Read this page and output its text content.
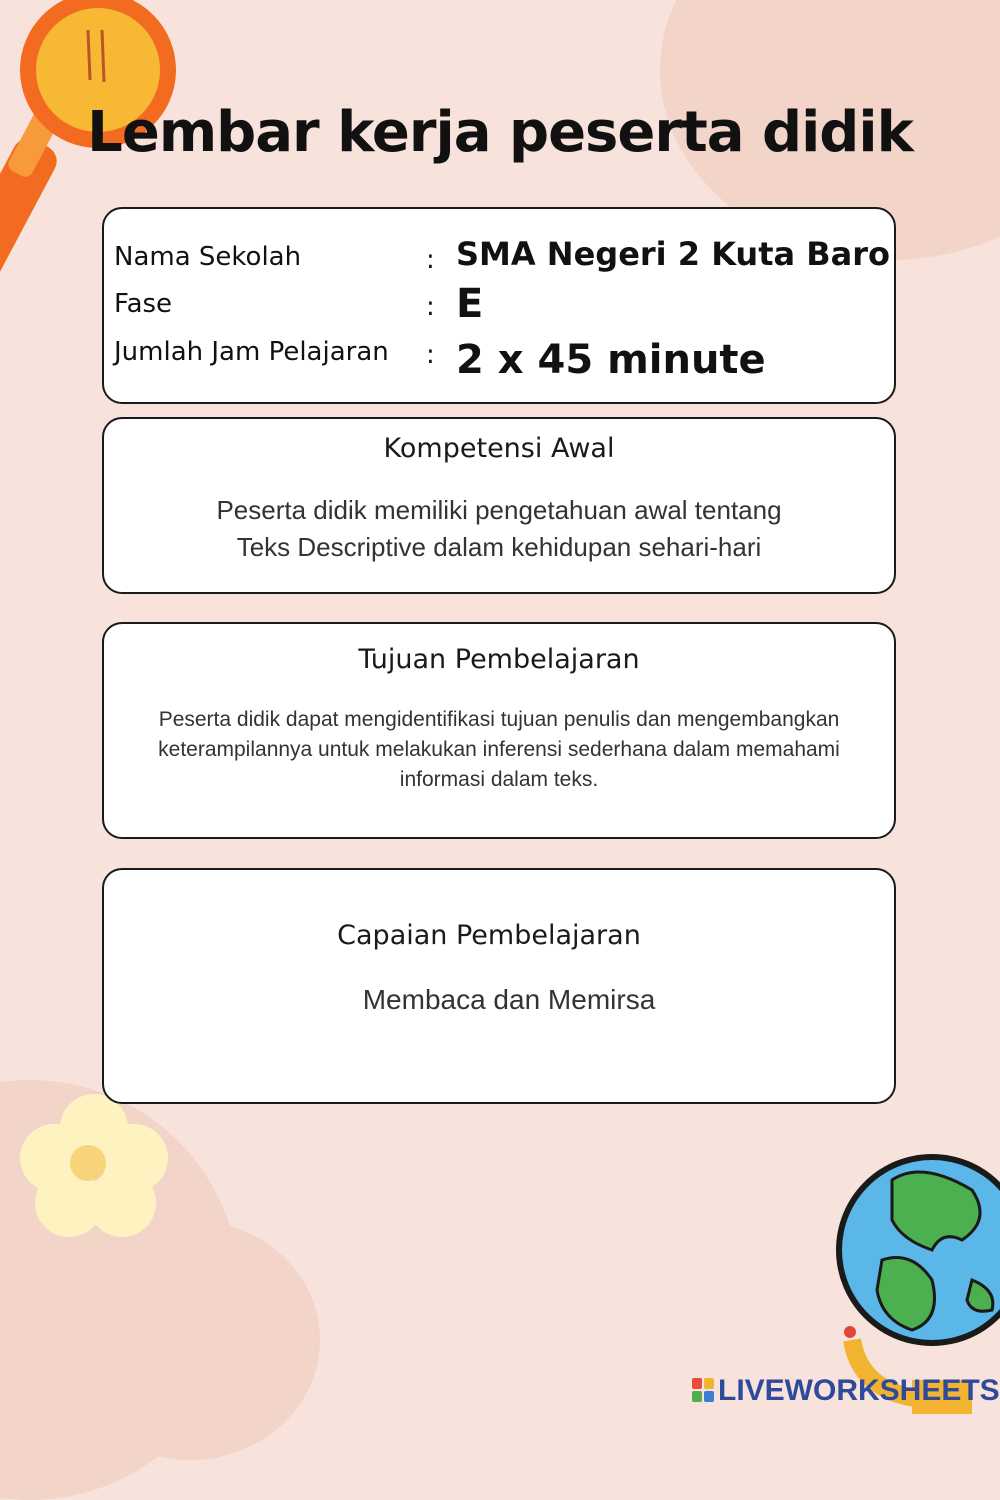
Lembar kerja peserta didik
Nama Sekolah	: SMA Negeri 2 Kuta Baro
Fase	: E
Jumlah Jam Pelajaran : 2 x 45 minute
Kompetensi Awal
Peserta didik memiliki pengetahuan awal tentang
Teks Descriptive dalam kehidupan sehari-hari
Tujuan Pembelajaran
Peserta didik dapat mengidentifikasi tujuan penulis dan mengembangkan
keterampilannya untuk melakukan inferensi sederhana dalam memahami
informasi dalam teks.
Capaian Pembelajaran
Membaca dan Memirsa
LIVEWORKSHEETS
